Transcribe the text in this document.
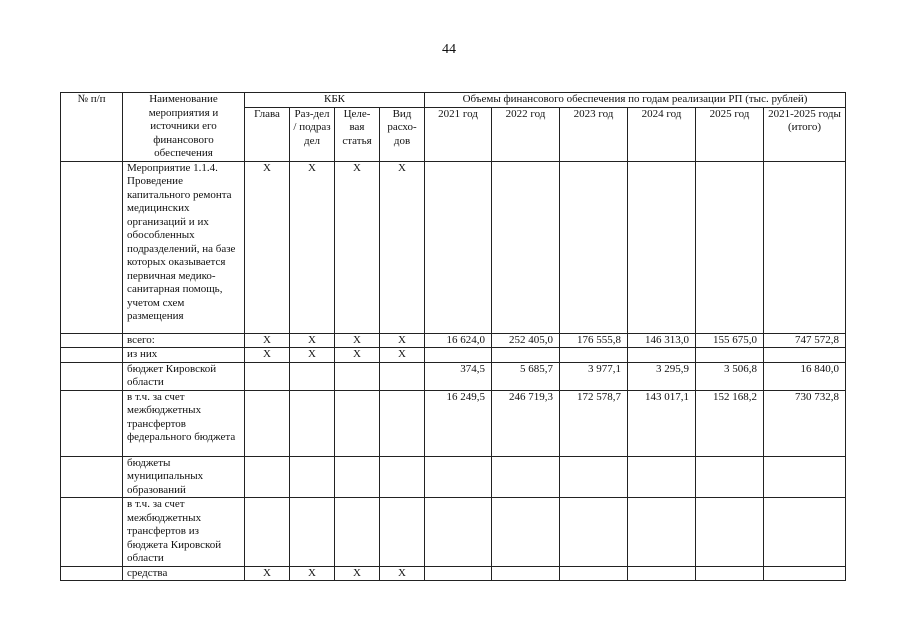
44
№ п/п	Наименование мероприятия и источники его финансового обеспечения	КБК				Объемы финансового обеспечения по годам реализации РП (тыс. рублей)					
		Глава	Раз-дел / подраз дел	Целе-вая статья	Вид расхо-дов	2021 год	2022 год	2023 год	2024 год	2025 год	2021-2025 годы (итого)
	Мероприятие 1.1.4. Проведение капитального ремонта медицинских организаций и их обособленных подразделений, на базе которых оказывается первичная медико-санитарная помощь, учетом схем размещения	X	X	X	X						
	всего:	X	X	X	X	16 624,0	252 405,0	176 555,8	146 313,0	155 675,0	747 572,8
	из них	X	X	X	X						
	бюджет Кировской области					374,5	5 685,7	3 977,1	3 295,9	3 506,8	16 840,0
	в т.ч. за счет межбюджетных трансфертов федерального бюджета					16 249,5	246 719,3	172 578,7	143 017,1	152 168,2	730 732,8
	бюджеты муниципальных образований										
	в т.ч. за счет межбюджетных трансфертов из бюджета Кировской области										
	средства	X	X	X	X						
